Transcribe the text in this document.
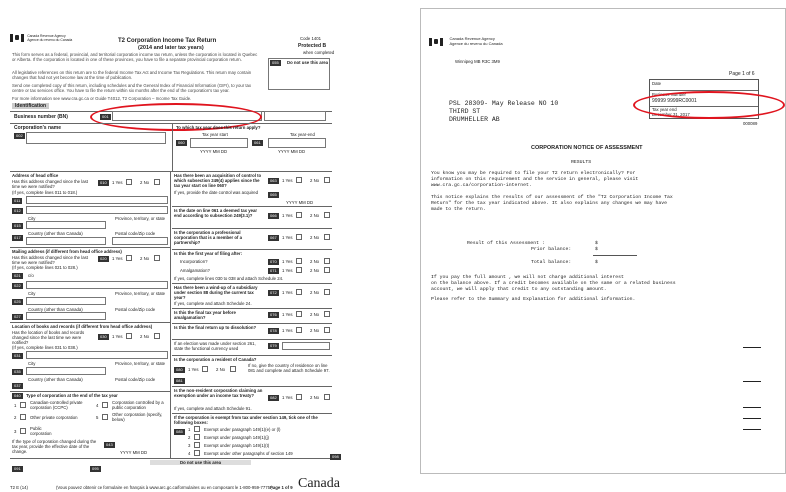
Canada Revenue Agency
Agence du revenu du Canada	T2 Corporation Income Tax Return
(2014 and later tax years)
Code 1401
Protected B
when completed
055	Do not use this area
This form serves as a federal, provincial, and territorial corporation income tax return, unless the corporation is located in Quebec or Alberta. If the corporation is located in one of these provinces, you have to file a separate provincial corporation return.
All legislative references on this return are to the federal Income Tax Act and Income Tax Regulations. This return may contain changes that had not yet become law at the time of publication.
Send one completed copy of this return, including schedules and the General Index of Financial Information (GIFI), to your tax centre or tax services office. You have to file the return within six months after the end of the corporation's tax year.
For more information see www.cra.gc.ca or Guide T4012, T2 Corporation – Income Tax Guide.
Identification
Business number (BN)	001
Corporation's name
002
To which tax year does this return apply?
Tax year start	Tax year-end
060	061
YYYY MM DD	YYYY MM DD
Address of head office
Has this address changed since the last time we were notified?
(If yes, complete lines 011 to 018.)
010	1 Yes	2 No
011
012
City	Province, territory, or state
015
017
Country (other than Canada)	Postal code/Zip code
Mailing address (if different from head office address)
Has this address changed since the last time we were notified?
(If yes, complete lines 021 to 028.)
020	1 Yes	2 No
021	c/o
022
City	Province, territory, or state
025
Country (other than Canada)	Postal code/Zip code
027
Location of books and records (if different from head office address)
Has the location of books and records changed since the last time we were notified?
(If yes, complete lines 031 to 038.)
030	1 Yes	2 No
031
City	Province, territory, or state
035
Country (other than Canada)	Postal code/Zip code
037
040	Type of corporation at the end of the tax year
1
Canadian-controlled private corporation (CCPC)	4
Corporation controlled by a public corporation
2	Other private corporation	5
Other corporation (specify, below)
3
Public corporation
If the type of corporation changed during the tax year, provide the effective date of the change.
043
YYYY MM DD
Has there been an acquisition of control to which subsection 249(4) applies since the tax year start on line 060?
063	1 Yes	2 No
If yes, provide the date control was acquired	065
YYYY MM DD
Is the date on line 061 a deemed tax year end according to subsection 249(3.1)?	066	1 Yes	2 No
Is the corporation a professional corporation that is a member of a partnership?
067	1 Yes	2 No
Is this the first year of filing after:
Incorporation?	070	1 Yes	2 No
Amalgamation?	071	1 Yes	2 No
If yes, complete lines 030 to 038 and attach Schedule 24.
Has there been a wind-up of a subsidiary under section 88 during the current tax year?
072	1 Yes	2 No
If yes, complete and attach Schedule 24.
Is this the final tax year before amalgamation?
076	1 Yes	2 No
Is this the final return up to dissolution?
078	1 Yes	2 No
If an election was made under section 261, state the functional currency used
079
Is the corporation a resident of Canada?
080	1 Yes	2 No
If no, give the country of residence on line 081 and complete and attach Schedule 97.
081
Is the non-resident corporation claiming an exemption under an income tax treaty?	082	1 Yes	2 No
If yes, complete and attach Schedule 91.
If the corporation is exempt from tax under section 149, tick one of the following boxes:
085	1	Exempt under paragraph 149(1)(e) or (l)
2	Exempt under paragraph 149(1)(j)
3	Exempt under paragraph 149(1)(t)
4	Exempt under other paragraphs of section 149
Do not use this area
091	095
098
T2 E (14)	(Vous pouvez obtenir ce formulaire en français à www.arc.gc.ca/formulaires ou en composant le 1-800-959-7775.)
Page 1 of 9 Canada
Canada Revenue Agency
Agence du revenu du Canada
Winnipeg MB R3C 3M9
Page 1 of 6
Date
Business Number
99999 9999RC0001
Tax year end
December 31, 2017
000089
PSL 28309- May Release NO 10
THIRD ST
DRUMHELLER AB
CORPORATION NOTICE OF ASSESSMENT
RESULTS
You know you may be required to file your T2 return electronically? For
information on this requirement and the service in general, please visit
www.cra.gc.ca/corporation-internet.
This notice explains the results of our assessment of the "T2 Corporation Income Tax
Return" for the tax year indicated above. It also explains any changes we may have
made to the return.
Result of this Assessment :	$
Prior balance:	$
Total balance:	$
If you pay the full amount , we will not charge additional interest
on the balance above. If a credit becomes available on the same or a related business
account, we will apply that credit to any outstanding amount.
Please refer to the Summary and Explanation for additional information.
